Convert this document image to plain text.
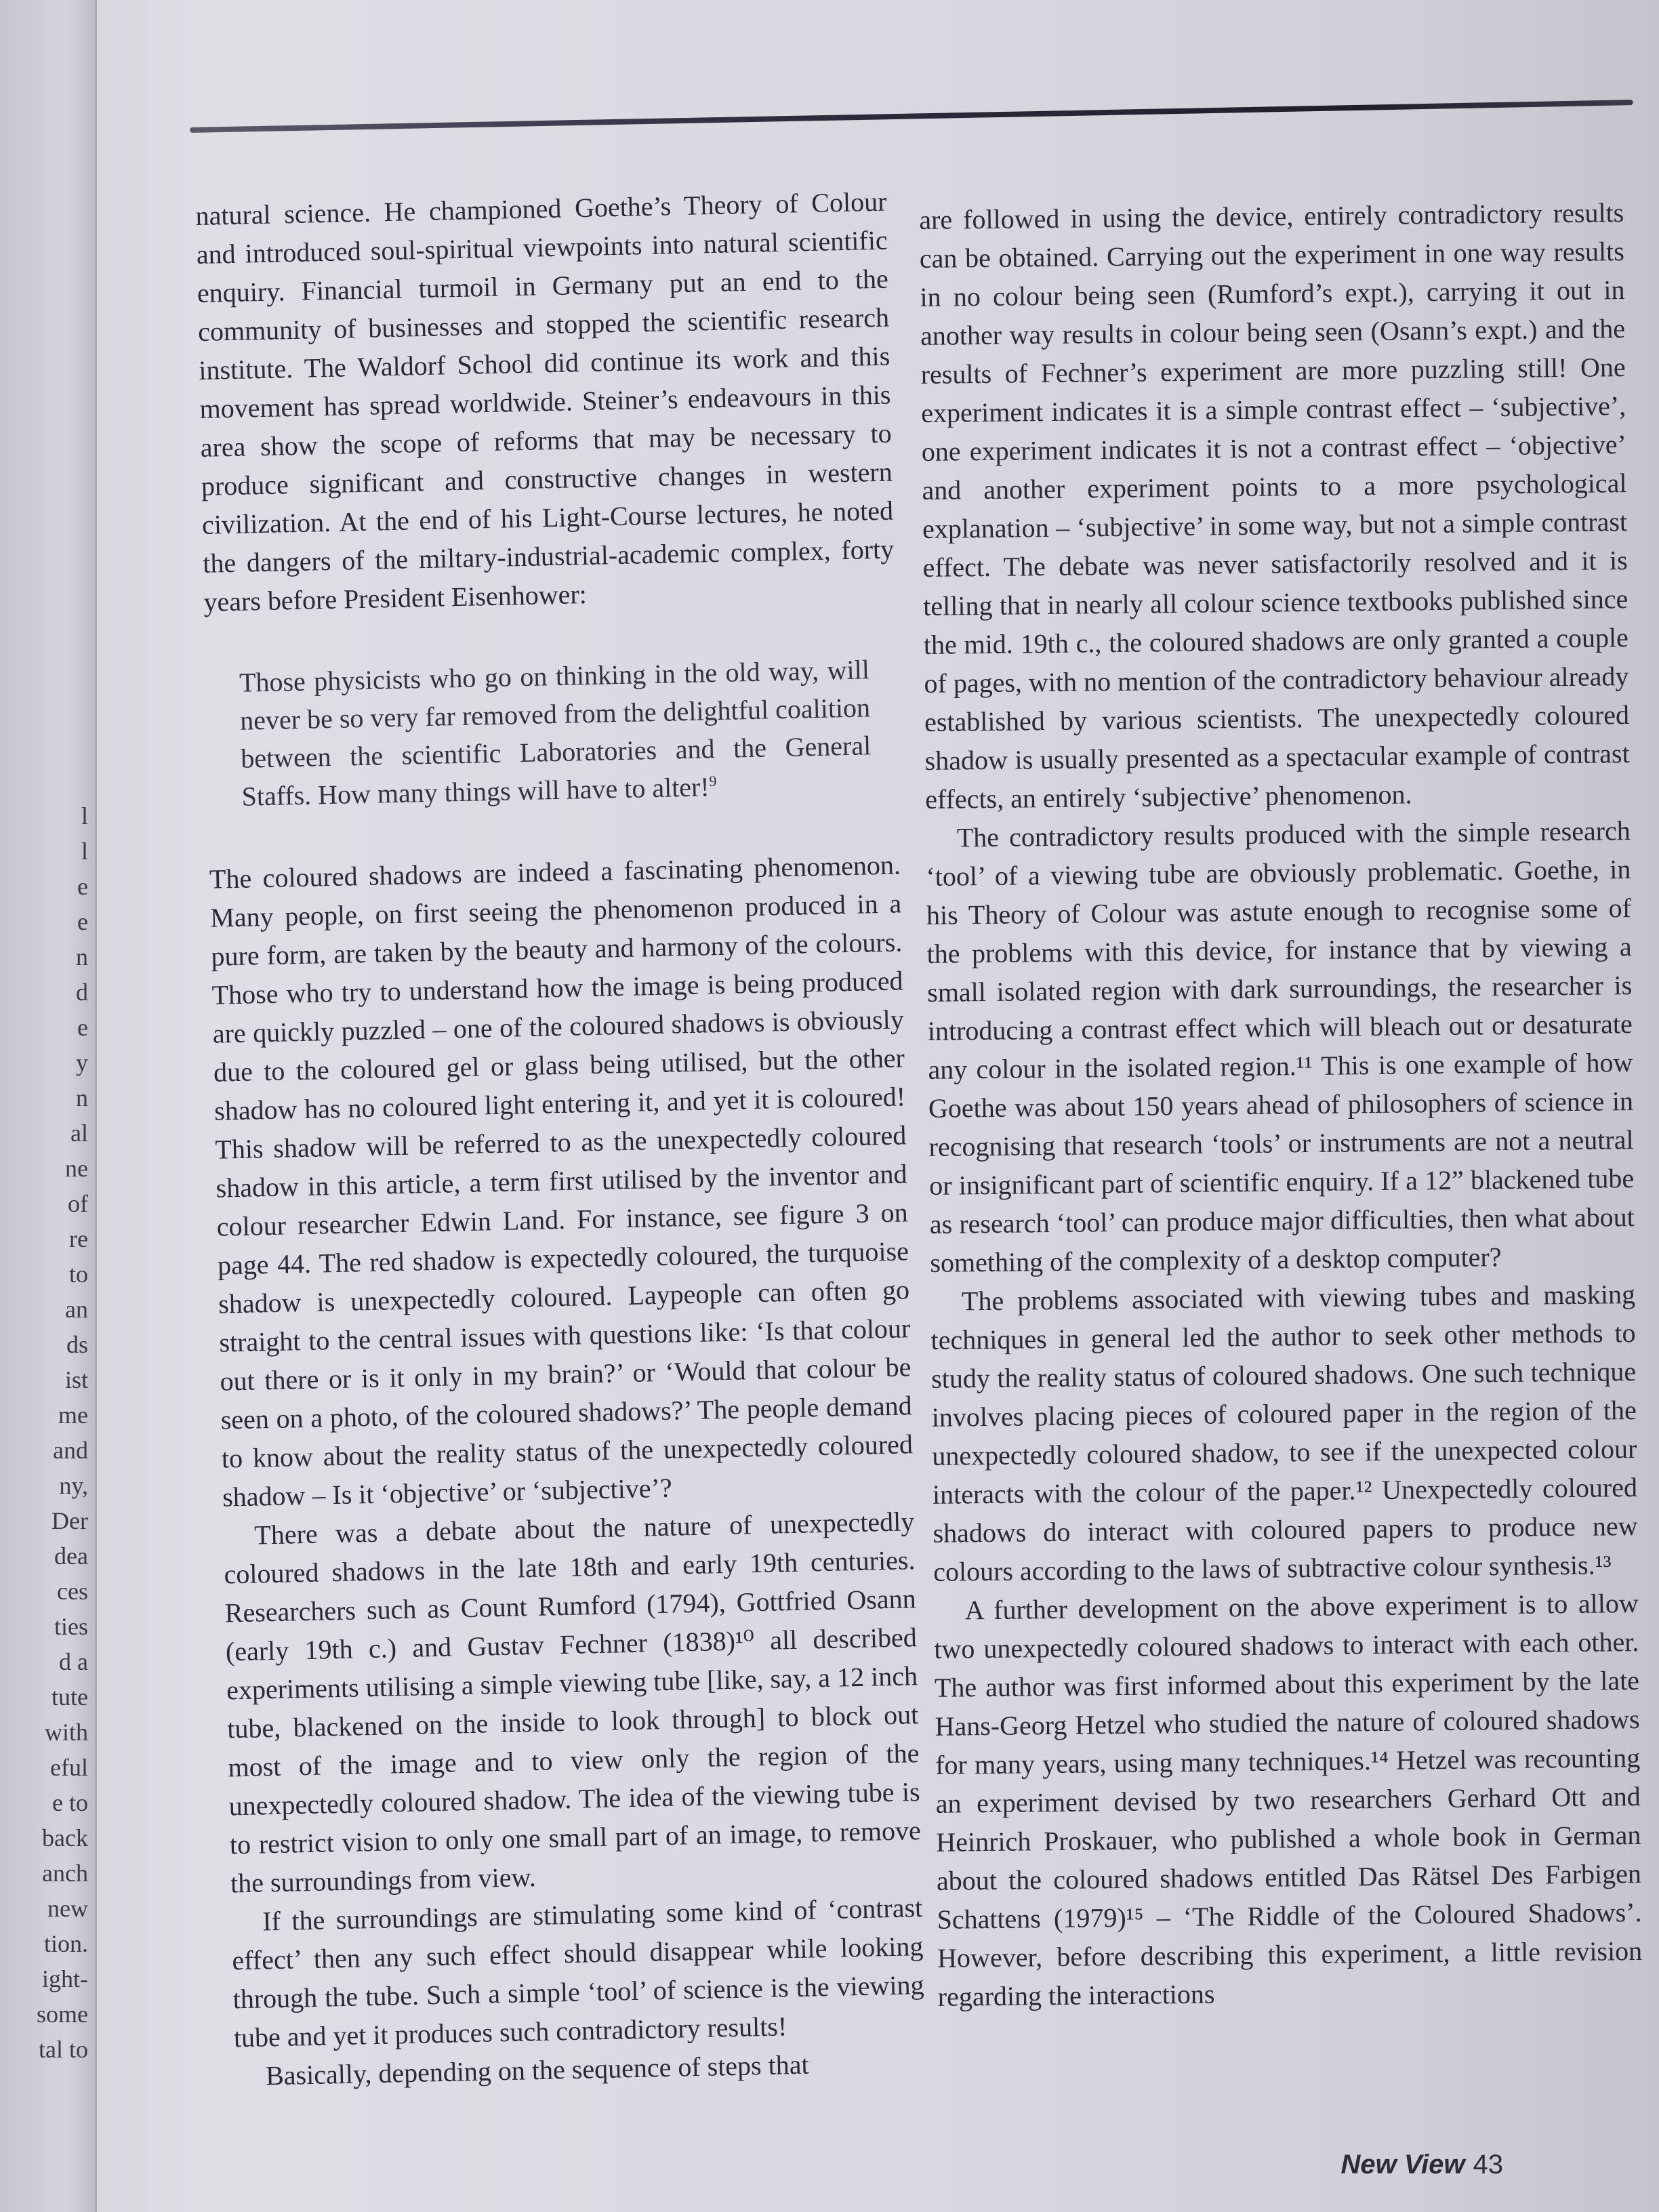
l
l
e
e
n
d
e
y
n
al
ne
of
re
to
an
ds
ist
me
and
ny,
Der
dea
ces
ties
d a
tute
with
eful
e to
back
anch
new
tion.
ight-
some
tal to

natural science. He championed Goethe’s Theory of Colour and introduced soul-spiritual viewpoints into natural scientific enquiry. Financial turmoil in Germany put an end to the community of businesses and stopped the scientific research institute. The Waldorf School did continue its work and this movement has spread worldwide. Steiner’s endeavours in this area show the scope of reforms that may be necessary to produce significant and constructive changes in western civilization. At the end of his Light-Course lectures, he noted the dangers of the miltary-industrial-academic complex, forty years before President Eisenhower:

Those physicists who go on thinking in the old way, will never be so very far removed from the delightful coalition between the scientific Laboratories and the General Staffs. How many things will have to alter!$^9$

The coloured shadows are indeed a fascinating phenomenon. Many people, on first seeing the phenomenon produced in a pure form, are taken by the beauty and harmony of the colours. Those who try to understand how the image is being produced are quickly puzzled – one of the coloured shadows is obviously due to the coloured gel or glass being utilised, but the other shadow has no coloured light entering it, and yet it is coloured! This shadow will be referred to as the unexpectedly coloured shadow in this article, a term first utilised by the inventor and colour researcher Edwin Land. For instance, see figure 3 on page 44. The red shadow is expectedly coloured, the turquoise shadow is unexpectedly coloured. Laypeople can often go straight to the central issues with questions like: ‘Is that colour out there or is it only in my brain?’ or ‘Would that colour be seen on a photo, of the coloured shadows?’ The people demand to know about the reality status of the unexpectedly coloured shadow – Is it ‘objective’ or ‘subjective’?

There was a debate about the nature of unexpectedly coloured shadows in the late 18th and early 19th centuries. Researchers such as Count Rumford (1794), Gottfried Osann (early 19th c.) and Gustav Fechner (1838)¹⁰ all described experiments utilising a simple viewing tube [like, say, a 12 inch tube, blackened on the inside to look through] to block out most of the image and to view only the region of the unexpectedly coloured shadow. The idea of the viewing tube is to restrict vision to only one small part of an image, to remove the surroundings from view.

If the surroundings are stimulating some kind of ‘contrast effect’ then any such effect should disappear while looking through the tube. Such a simple ‘tool’ of science is the viewing tube and yet it produces such contradictory results!

Basically, depending on the sequence of steps that

are followed in using the device, entirely contradictory results can be obtained. Carrying out the experiment in one way results in no colour being seen (Rumford’s expt.), carrying it out in another way results in colour being seen (Osann’s expt.) and the results of Fechner’s experiment are more puzzling still! One experiment indicates it is a simple contrast effect – ‘subjective’, one experiment indicates it is not a contrast effect – ‘objective’ and another experiment points to a more psychological explanation – ‘subjective’ in some way, but not a simple contrast effect. The debate was never satisfactorily resolved and it is telling that in nearly all colour science textbooks published since the mid. 19th c., the coloured shadows are only granted a couple of pages, with no mention of the contradictory behaviour already established by various scientists. The unexpectedly coloured shadow is usually presented as a spectacular example of contrast effects, an entirely ‘subjective’ phenomenon.

The contradictory results produced with the simple research ‘tool’ of a viewing tube are obviously problematic. Goethe, in his Theory of Colour was astute enough to recognise some of the problems with this device, for instance that by viewing a small isolated region with dark surroundings, the researcher is introducing a contrast effect which will bleach out or desaturate any colour in the isolated region.¹¹ This is one example of how Goethe was about 150 years ahead of philosophers of science in recognising that research ‘tools’ or instruments are not a neutral or insignificant part of scientific enquiry. If a 12” blackened tube as research ‘tool’ can produce major difficulties, then what about something of the complexity of a desktop computer?

The problems associated with viewing tubes and masking techniques in general led the author to seek other methods to study the reality status of coloured shadows. One such technique involves placing pieces of coloured paper in the region of the unexpectedly coloured shadow, to see if the unexpected colour interacts with the colour of the paper.¹² Unexpectedly coloured shadows do interact with coloured papers to produce new colours according to the laws of subtractive colour synthesis.¹³

A further development on the above experiment is to allow two unexpectedly coloured shadows to interact with each other. The author was first informed about this experiment by the late Hans-Georg Hetzel who studied the nature of coloured shadows for many years, using many techniques.¹⁴ Hetzel was recounting an experiment devised by two researchers Gerhard Ott and Heinrich Proskauer, who published a whole book in German about the coloured shadows entitled Das Rätsel Des Farbigen Schattens (1979)¹⁵ – ‘The Riddle of the Coloured Shadows’. However, before describing this experiment, a little revision regarding the interactions

New View 43
